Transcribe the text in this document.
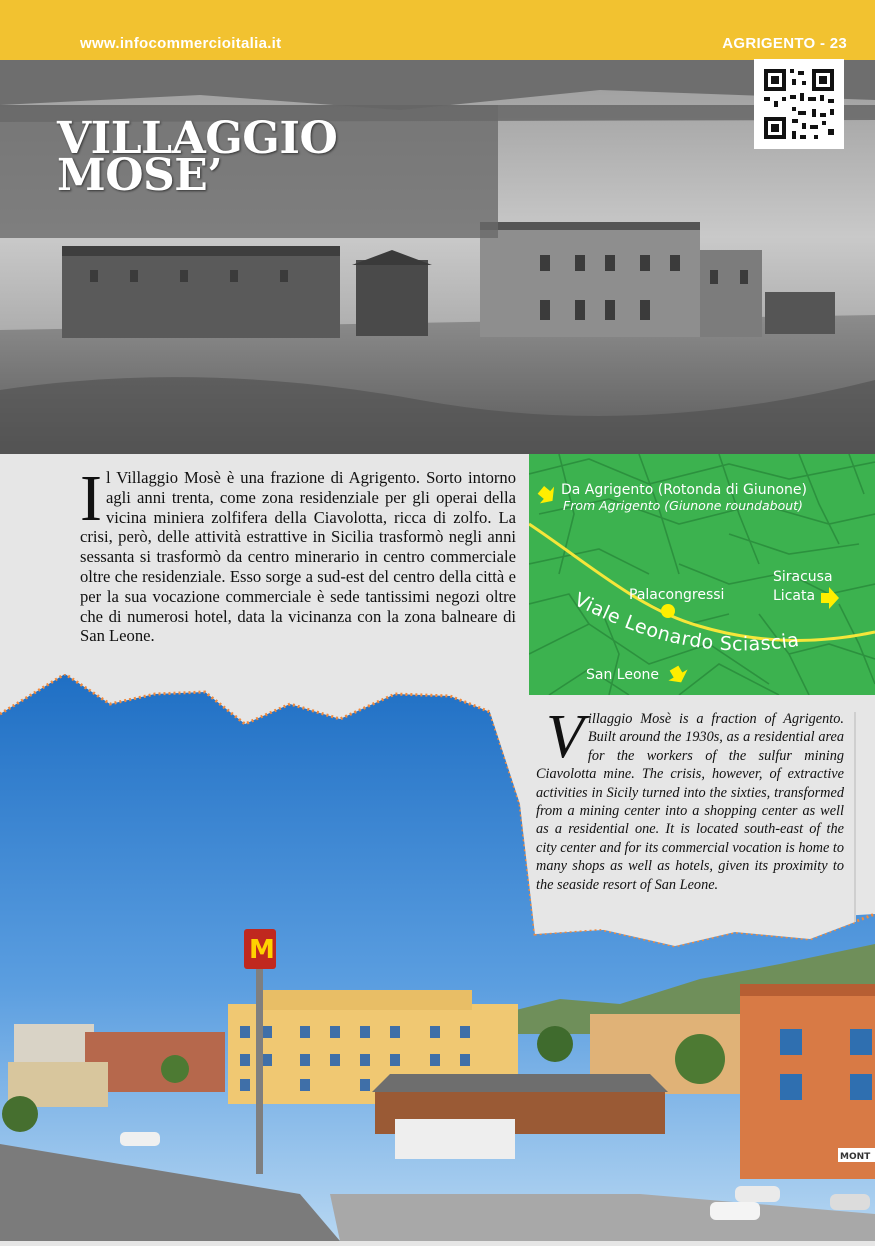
www.infocommercioitalia.it	AGRIGENTO - 23
VILLAGGIO
MOSE’
Il Villaggio Mosè è una frazione di Agrigento. Sorto intorno agli anni trenta, come zona residenziale per gli operai della vicina miniera zolfifera della Ciavolotta, ricca di zolfo. La crisi, però, delle attività estrattive in Sicilia trasformò negli anni sessanta si trasformò da centro minerario in centro commerciale oltre che residenziale. Esso sorge a sud-est del centro della città e per la sua vocazione commerciale è sede tantissimi negozi oltre che di numerosi hotel, data la vicinanza con la zona balneare di San Leone.
Viale Leonardo Sciascia
Da Agrigento (Rotonda di Giunone)
From Agrigento (Giunone roundabout)
Palacongressi
Siracusa
Licata
San Leone
MONT
M
Villaggio Mosè is a fraction of Agrigento. Built around the 1930s, as a residential area for the workers of the sulfur mining Ciavolotta mine. The crisis, however, of extractive activities in Sicily turned into the sixties, transformed from a mining center into a shopping center as well as a residential one. It is located south-east of the city center and for its commercial vocation is home to many shops as well as hotels, given its proximity to the seaside resort of San Leone.
